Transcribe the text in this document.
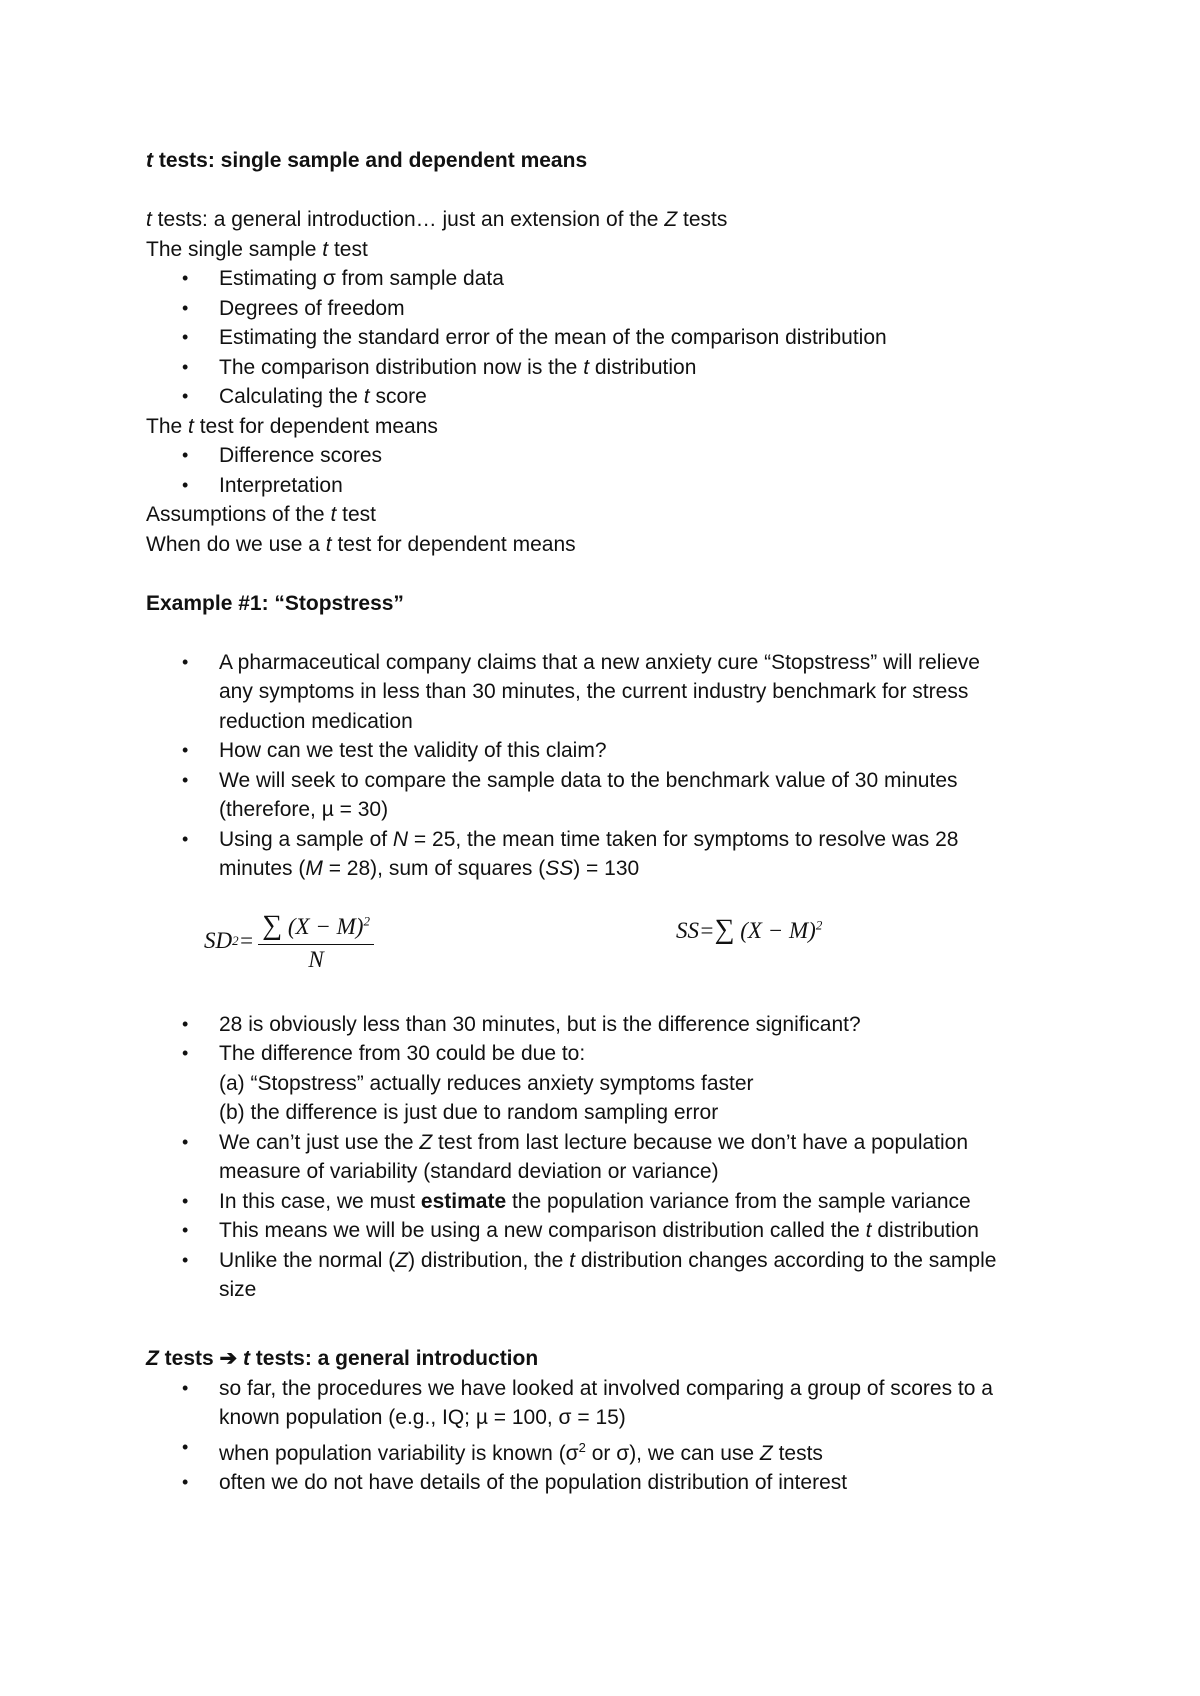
t tests: single sample and dependent means
t tests: a general introduction… just an extension of the Z tests
The single sample t test
• Estimating σ from sample data
• Degrees of freedom
• Estimating the standard error of the mean of the comparison distribution
• The comparison distribution now is the t distribution
• Calculating the t score
The t test for dependent means
• Difference scores
• Interpretation
Assumptions of the t test
When do we use a t test for dependent means
Example #1: “Stopstress”
• A pharmaceutical company claims that a new anxiety cure “Stopstress” will relieve
any symptoms in less than 30 minutes, the current industry benchmark for stress
reduction medication
• How can we test the validity of this claim?
• We will seek to compare the sample data to the benchmark value of 30 minutes
(therefore, µ = 30)
• Using a sample of N = 25, the mean time taken for symptoms to resolve was 28
minutes (M = 28), sum of squares (SS) = 130
SD $2 = \frac{\sum (X - M)^2}{N}$	SS=∑ $(X - M)^2$
• 28 is obviously less than 30 minutes, but is the difference significant?
• The difference from 30 could be due to:
(a) “Stopstress” actually reduces anxiety symptoms faster
(b) the difference is just due to random sampling error
• We can’t just use the Z test from last lecture because we don’t have a population
measure of variability (standard deviation or variance)
• In this case, we must estimate the population variance from the sample variance
• This means we will be using a new comparison distribution called the t distribution
• Unlike the normal (Z) distribution, the t distribution changes according to the sample
size
Z tests ➔ t tests: a general introduction
• so far, the procedures we have looked at involved comparing a group of scores to a
known population (e.g., IQ; µ = 100, σ = 15)
• when population variability is known ($\sigma^2$ or σ), we can use Z tests
• often we do not have details of the population distribution of interest
